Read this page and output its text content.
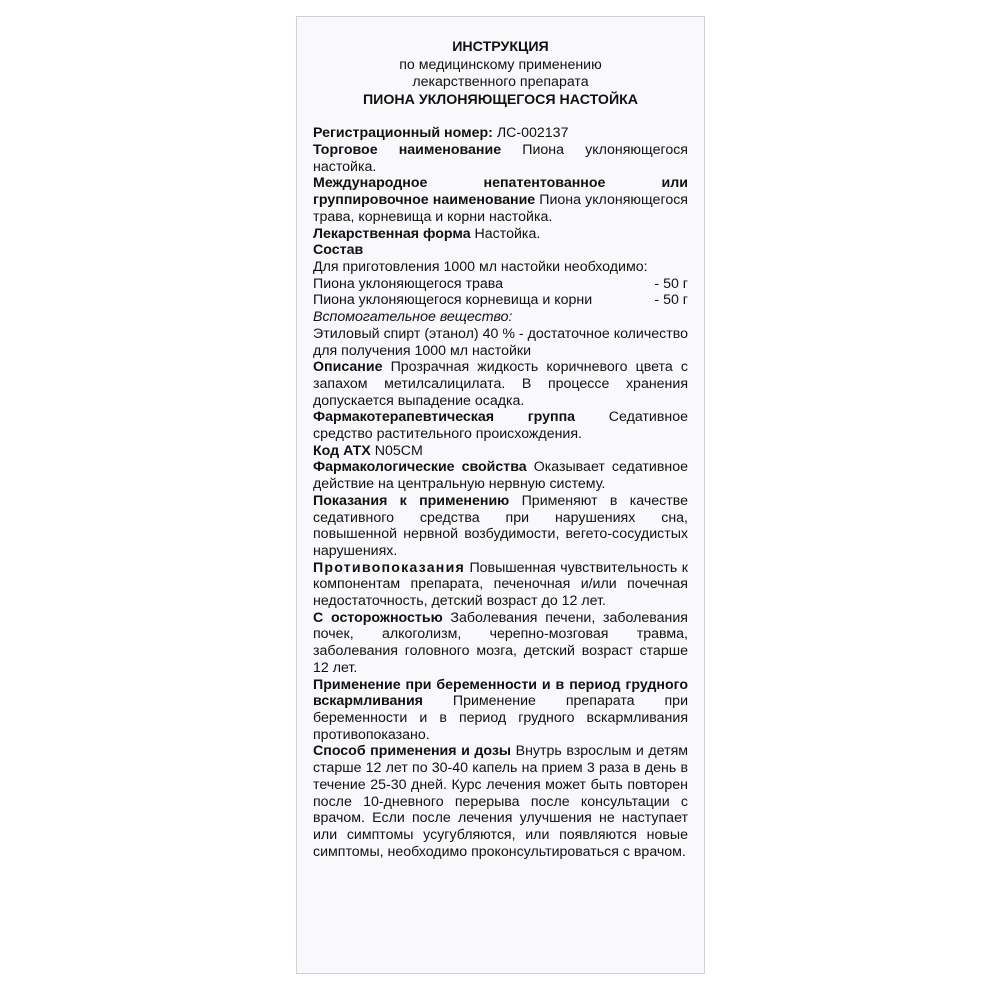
ИНСТРУКЦИЯ
по медицинскому применению
лекарственного препарата
ПИОНА УКЛОНЯЮЩЕГОСЯ НАСТОЙКА

Регистрационный номер: ЛС-002137

Торговое наименование Пиона уклоняющегося настойка.

Международное непатентованное или группировочное наименование Пиона уклоняющегося трава, корневища и корни настойка.

Лекарственная форма Настойка.

Состав

Для приготовления 1000 мл настойки необходимо:

Пиона уклоняющегося трава	- 50 г
Пиона уклоняющегося корневища и корни	- 50 г

Вспомогательное вещество:

Этиловый спирт (этанол) 40 % - достаточное количество для получения 1000 мл настойки

Описание Прозрачная жидкость коричневого цвета с запахом метилсалицилата. В процессе хранения допускается выпадение осадка.

Фармакотерапевтическая группа Седативное средство растительного происхождения.

Код АТХ N05CM

Фармакологические свойства Оказывает седативное действие на центральную нервную систему.

Показания к применению Применяют в качестве седативного средства при нарушениях сна, повышенной нервной возбудимости, вегето-сосудистых нарушениях.

Противопоказания Повышенная чувствительность к компонентам препарата, печеночная и/или почечная недостаточность, детский возраст до 12 лет.

С осторожностью Заболевания печени, заболевания почек, алкоголизм, черепно-мозговая травма, заболевания головного мозга, детский возраст старше 12 лет.

Применение при беременности и в период грудного вскармливания Применение препарата при беременности и в период грудного вскармливания противопоказано.

Способ применения и дозы Внутрь взрослым и детям старше 12 лет по 30-40 капель на прием 3 раза в день в течение 25-30 дней. Курс лечения может быть повторен после 10-дневного перерыва после консультации с врачом. Если после лечения улучшения не наступает или симптомы усугубляются, или появляются новые симптомы, необходимо проконсультироваться с врачом.
